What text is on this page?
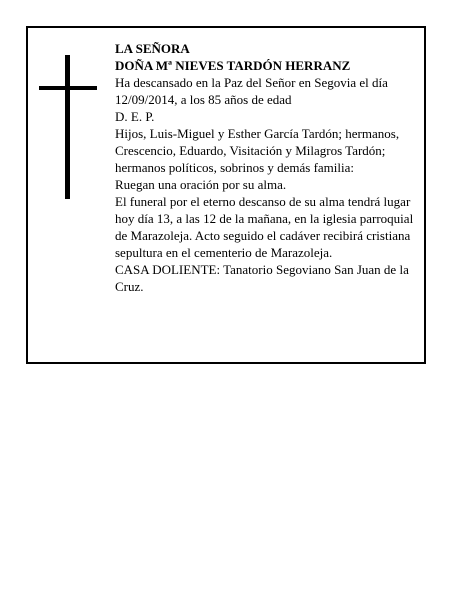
LA SEÑORA

DOÑA Mª NIEVES TARDÓN HERRANZ

Ha descansado en la Paz del Señor en Segovia el día 12/09/2014, a los 85 años de edad

D. E. P.

Hijos, Luis-Miguel y Esther García Tardón; hermanos, Crescencio, Eduardo, Visitación y Milagros Tardón; hermanos políticos, sobrinos y demás familia:

Ruegan una oración por su alma.

El funeral por el eterno descanso de su alma tendrá lugar hoy día 13, a las 12 de la mañana, en la iglesia parroquial de Marazoleja. Acto seguido el cadáver recibirá cristiana sepultura en el cementerio de Marazoleja.

CASA DOLIENTE: Tanatorio Segoviano San Juan de la Cruz.
